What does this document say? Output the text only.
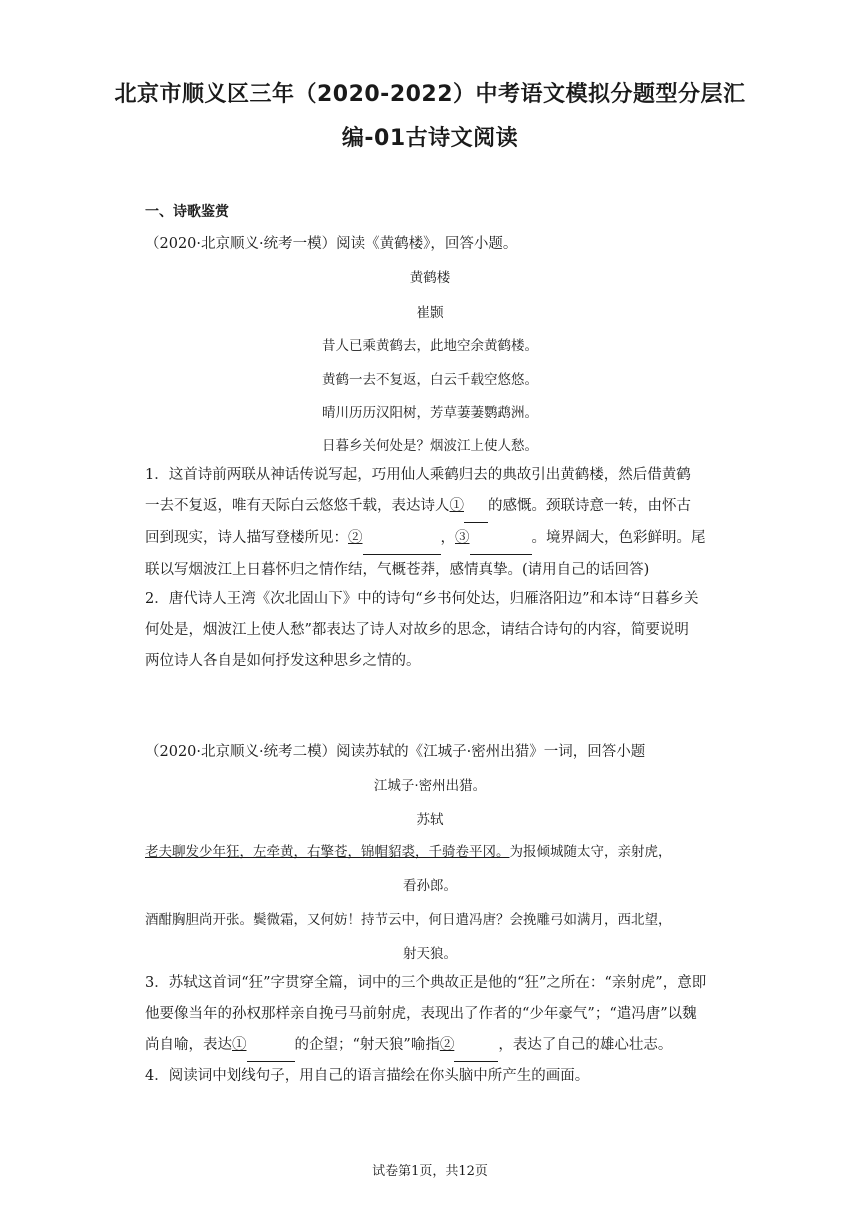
北京市顺义区三年（2020-2022）中考语文模拟分题型分层汇
编-01古诗文阅读
一、诗歌鉴赏
（2020·北京顺义·统考一模）阅读《黄鹤楼》，回答小题。
黄鹤楼
崔颢
昔人已乘黄鹤去，此地空余黄鹤楼。
黄鹤一去不复返，白云千载空悠悠。
晴川历历汉阳树，芳草萋萋鹦鹉洲。
日暮乡关何处是？烟波江上使人愁。
1．这首诗前两联从神话传说写起，巧用仙人乘鹤归去的典故引出黄鹤楼，然后借黄鹤
一去不复返，唯有天际白云悠悠千载，表达诗人① 的感慨。颈联诗意一转，由怀古
回到现实，诗人描写登楼所见：②	，③	。境界阔大，色彩鲜明。尾
联以写烟波江上日暮怀归之情作结，气概苍莽，感情真挚。(请用自己的话回答)
2．唐代诗人王湾《次北固山下》中的诗句“乡书何处达，归雁洛阳边”和本诗“日暮乡关
何处是，烟波江上使人愁”都表达了诗人对故乡的思念，请结合诗句的内容，简要说明
两位诗人各自是如何抒发这种思乡之情的。
（2020·北京顺义·统考二模）阅读苏轼的《江城子·密州出猎》一词，回答小题
江城子·密州出猎。
苏轼
老夫聊发少年狂，左牵黄，右擎苍，锦帽貂裘，千骑卷平冈。为报倾城随太守，亲射虎，
看孙郎。
酒酣胸胆尚开张。鬓微霜，又何妨！持节云中，何日遣冯唐？会挽雕弓如满月，西北望，
射天狼。
3．苏轼这首词“狂”字贯穿全篇，词中的三个典故正是他的“狂”之所在：“亲射虎”，意即
他要像当年的孙权那样亲自挽弓马前射虎，表现出了作者的“少年豪气”；“遣冯唐”以魏
尚自喻，表达①	的企望；“射天狼”喻指②	，表达了自己的雄心壮志。
4．阅读词中划线句子，用自己的语言描绘在你头脑中所产生的画面。
试卷第1页，共12页
